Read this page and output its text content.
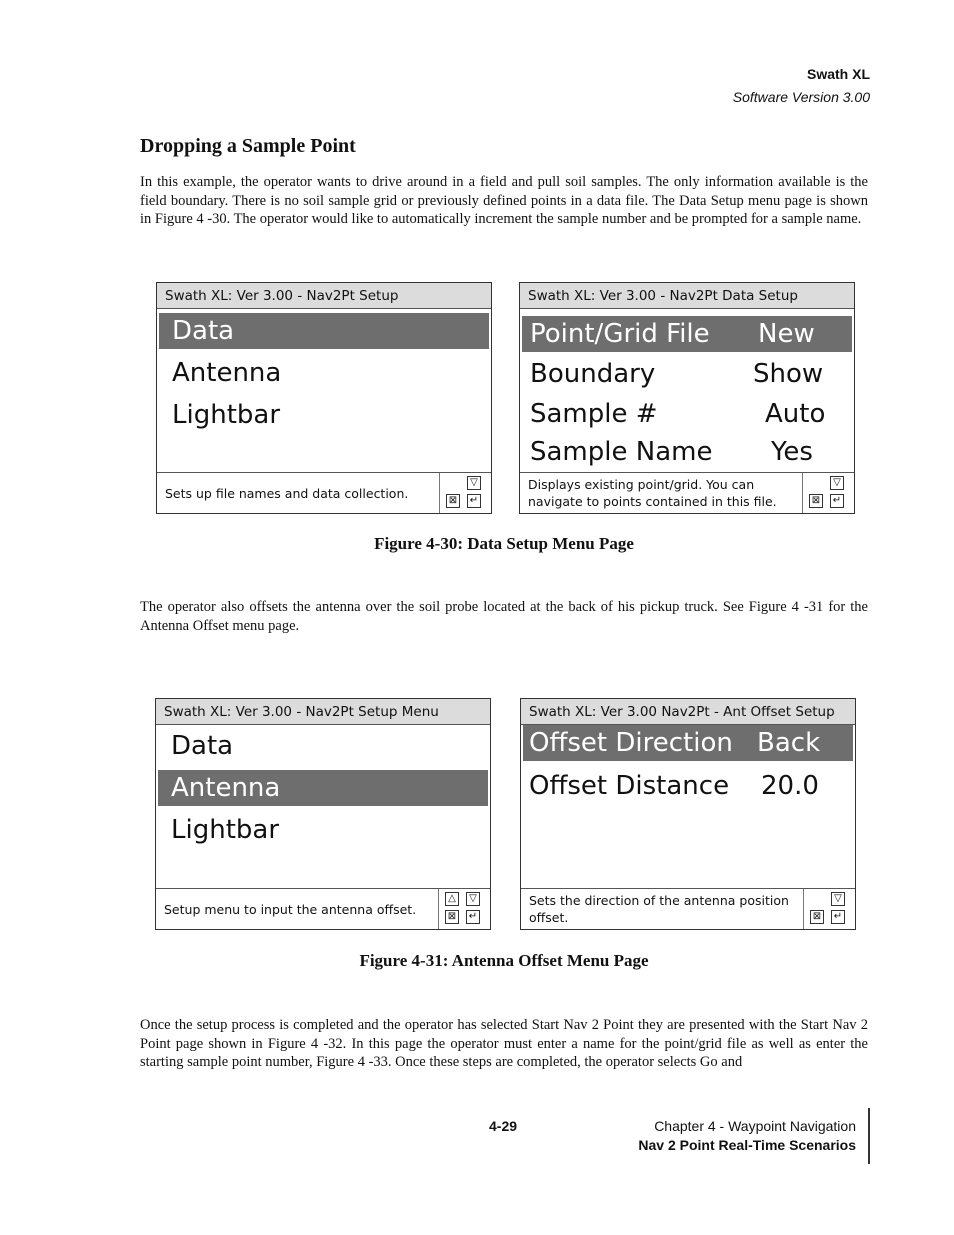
Swath XL
Software Version 3.00
Dropping a Sample Point
In this example, the operator wants to drive around in a field and pull soil samples. The only information available is the field boundary. There is no soil sample grid or previously defined points in a data file. The Data Setup menu page is shown in Figure 4 -30. The operator would like to automatically increment the sample number and be prompted for a sample name.
Swath XL: Ver 3.00 - Nav2Pt Setup
Data
Antenna
Lightbar
Sets up file names and data collection.
▽
⊠ ↵
Swath XL: Ver 3.00 - Nav2Pt Data Setup
Point/Grid File New
Boundary	Show
Sample #	Auto
Sample Name Yes
Displays existing point/grid. You can navigate to points contained in this file.
▽
⊠ ↵
Figure 4-30: Data Setup Menu Page
The operator also offsets the antenna over the soil probe located at the back of his pickup truck. See Figure 4 -31 for the Antenna Offset menu page.
Swath XL: Ver 3.00 - Nav2Pt Setup Menu
Data
Antenna
Lightbar
Setup menu to input the antenna offset.
△	▽
⊠ ↵
Swath XL: Ver 3.00 Nav2Pt - Ant Offset Setup
Offset Direction Back
Offset Distance 20.0
Sets the direction of the antenna position offset.
▽
⊠ ↵
Figure 4-31: Antenna Offset Menu Page
Once the setup process is completed and the operator has selected Start Nav 2 Point they are presented with the Start Nav 2 Point page shown in Figure 4 -32. In this page the operator must enter a name for the point/grid file as well as enter the starting sample point number, Figure 4 -33. Once these steps are completed, the operator selects Go and
4-29	Chapter 4 - Waypoint Navigation
Nav 2 Point Real-Time Scenarios
